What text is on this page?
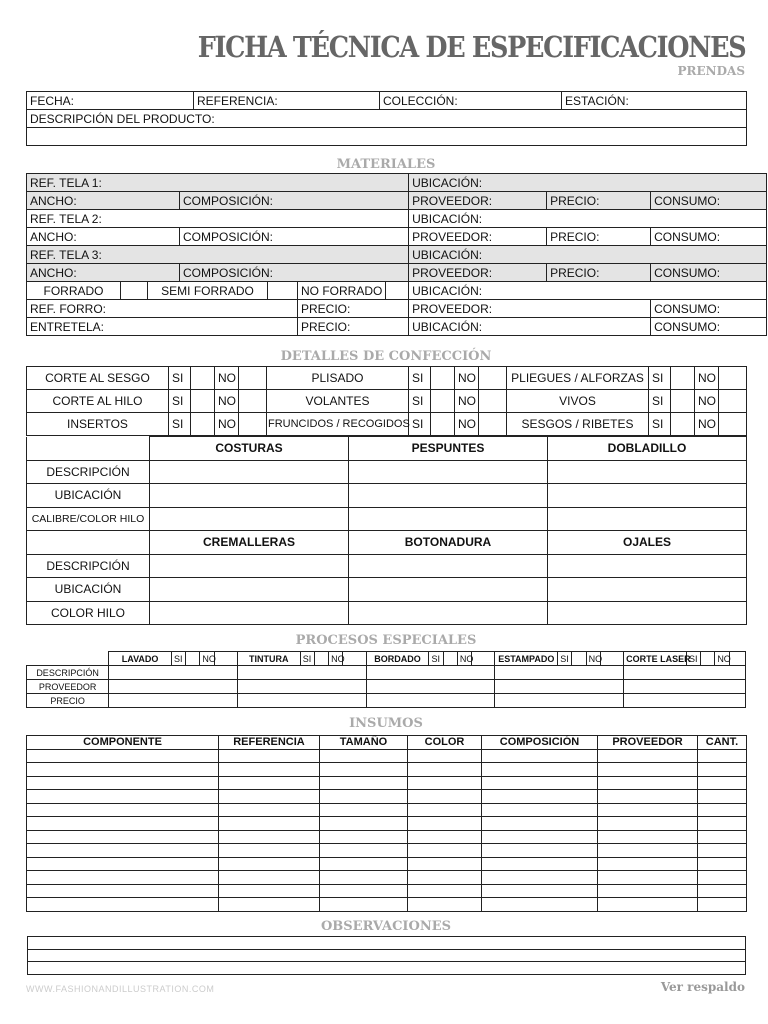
FICHA TÉCNICA DE ESPECIFICACIONES
PRENDAS
FECHA:	REFERENCIA:	COLECCIÓN:	ESTACIÓN:
DESCRIPCIÓN DEL PRODUCTO:

MATERIALES
REF. TELA 1:							UBICACIÓN:		
ANCHO:			COMPOSICIÓN:				PROVEEDOR:	PRECIO:	CONSUMO:
REF. TELA 2:							UBICACIÓN:		
ANCHO:			COMPOSICIÓN:				PROVEEDOR:	PRECIO:	CONSUMO:
REF. TELA 3:							UBICACIÓN:		
ANCHO:			COMPOSICIÓN:				PROVEEDOR:	PRECIO:	CONSUMO:
FORRADO		SEMI FORRADO			NO FORRADO		UBICACIÓN:		
REF. FORRO:					PRECIO:		PROVEEDOR:		CONSUMO:
ENTRETELA:					PRECIO:		UBICACIÓN:		CONSUMO:
DETALLES DE CONFECCIÓN
CORTE AL SESGO	SI		NO		PLISADO	SI		NO		PLIEGUES / ALFORZAS	SI		NO	
CORTE AL HILO	SI		NO		VOLANTES	SI		NO		VIVOS	SI		NO	
INSERTOS	SI		NO		FRUNCIDOS / RECOGIDOS	SI		NO		SESGOS / RIBETES	SI		NO	
	COSTURAS	PESPUNTES	DOBLADILLO
DESCRIPCIÓN			
UBICACIÓN			
CALIBRE/COLOR HILO			
	CREMALLERAS	BOTONADURA	OJALES
DESCRIPCIÓN			
UBICACIÓN			
COLOR HILO			
PROCESOS ESPECIALES
	LAVADO	SI		NO		TINTURA	SI		NO		BORDADO	SI		NO		ESTAMPADO	SI		NO		CORTE LASER	SI		NO	
DESCRIPCIÓN																									
PROVEEDOR																									
PRECIO																									
INSUMOS
COMPONENTE	REFERENCIA	TAMAÑO	COLOR	COMPOSICIÓN	PROVEEDOR	CANT.

OBSERVACIONES

WWW.FASHIONANDILLUSTRATION.COM	Ver respaldo
